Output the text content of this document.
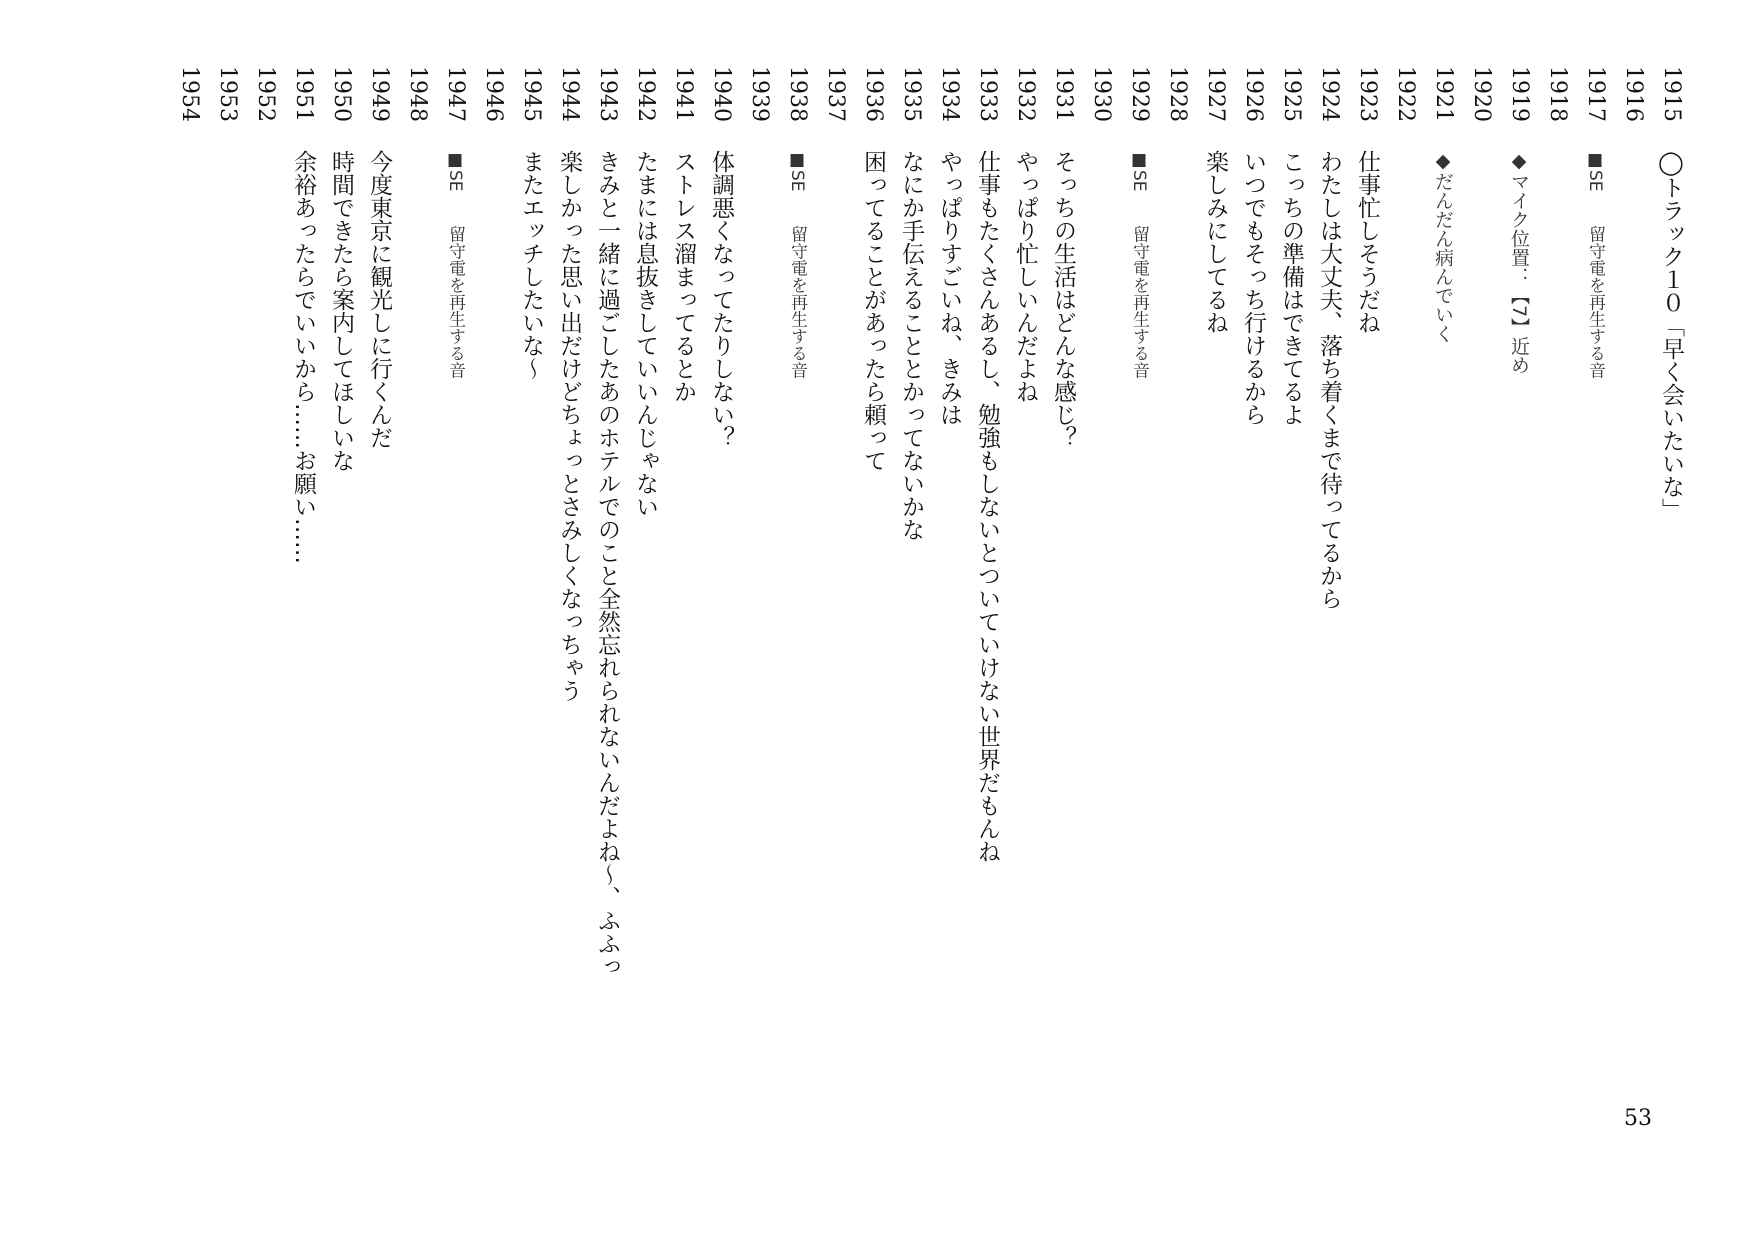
1915
◯トラック１０「早く会いたいな」
1916
1917
■SE　　留守電を再生する音
1918
1919
◆マイク位置：【7】近め
1920
1921
◆だんだん病んでいく
1922
1923
仕事忙しそうだね
1924
わたしは大丈夫、落ち着くまで待ってるから
1925
こっちの準備はできてるよ
1926
いつでもそっち行けるから
1927
楽しみにしてるね
1928
1929
■SE　　留守電を再生する音
1930
1931
そっちの生活はどんな感じ？
1932
やっぱり忙しいんだよね
1933
仕事もたくさんあるし、勉強もしないとついていけない世界だもんね
1934
やっぱりすごいね、きみは
1935
なにか手伝えることとかってないかな
1936
困ってることがあったら頼って
1937
1938
■SE　　留守電を再生する音
1939
1940
体調悪くなってたりしない？
1941
ストレス溜まってるとか
1942
たまには息抜きしていいんじゃない
1943
きみと一緒に過ごしたあのホテルでのこと全然忘れられないんだよね〜、ふふっ
1944
楽しかった思い出だけどちょっとさみしくなっちゃう
1945
またエッチしたいな〜
1946
1947
■SE　　留守電を再生する音
1948
1949
今度東京に観光しに行くんだ
1950
時間できたら案内してほしいな
1951
余裕あったらでいいから……お願い……
1952
1953
1954
53
